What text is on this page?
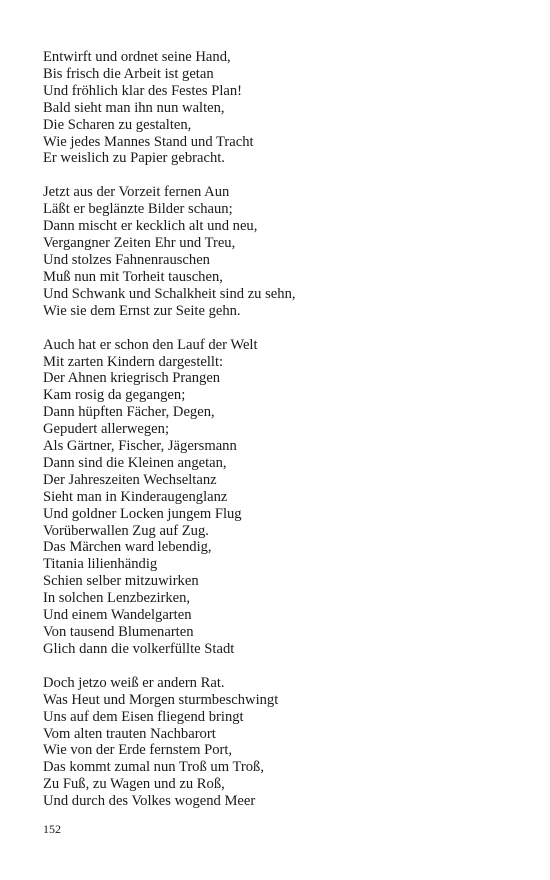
Entwirft und ordnet seine Hand,
Bis frisch die Arbeit ist getan
Und fröhlich klar des Festes Plan!
Bald sieht man ihn nun walten,
Die Scharen zu gestalten,
Wie jedes Mannes Stand und Tracht
Er weislich zu Papier gebracht.
Jetzt aus der Vorzeit fernen Aun
Läßt er beglänzte Bilder schaun;
Dann mischt er kecklich alt und neu,
Vergangner Zeiten Ehr und Treu,
Und stolzes Fahnenrauschen
Muß nun mit Torheit tauschen,
Und Schwank und Schalkheit sind zu sehn,
Wie sie dem Ernst zur Seite gehn.
Auch hat er schon den Lauf der Welt
Mit zarten Kindern dargestellt:
Der Ahnen kriegrisch Prangen
Kam rosig da gegangen;
Dann hüpften Fächer, Degen,
Gepudert allerwegen;
Als Gärtner, Fischer, Jägersmann
Dann sind die Kleinen angetan,
Der Jahreszeiten Wechseltanz
Sieht man in Kinderaugenglanz
Und goldner Locken jungem Flug
Vorüberwallen Zug auf Zug.
Das Märchen ward lebendig,
Titania lilienhändig
Schien selber mitzuwirken
In solchen Lenzbezirken,
Und einem Wandelgarten
Von tausend Blumenarten
Glich dann die volkerfüllte Stadt
Doch jetzo weiß er andern Rat.
Was Heut und Morgen sturmbeschwingt
Uns auf dem Eisen fliegend bringt
Vom alten trauten Nachbarort
Wie von der Erde fernstem Port,
Das kommt zumal nun Troß um Troß,
Zu Fuß, zu Wagen und zu Roß,
Und durch des Volkes wogend Meer
152
